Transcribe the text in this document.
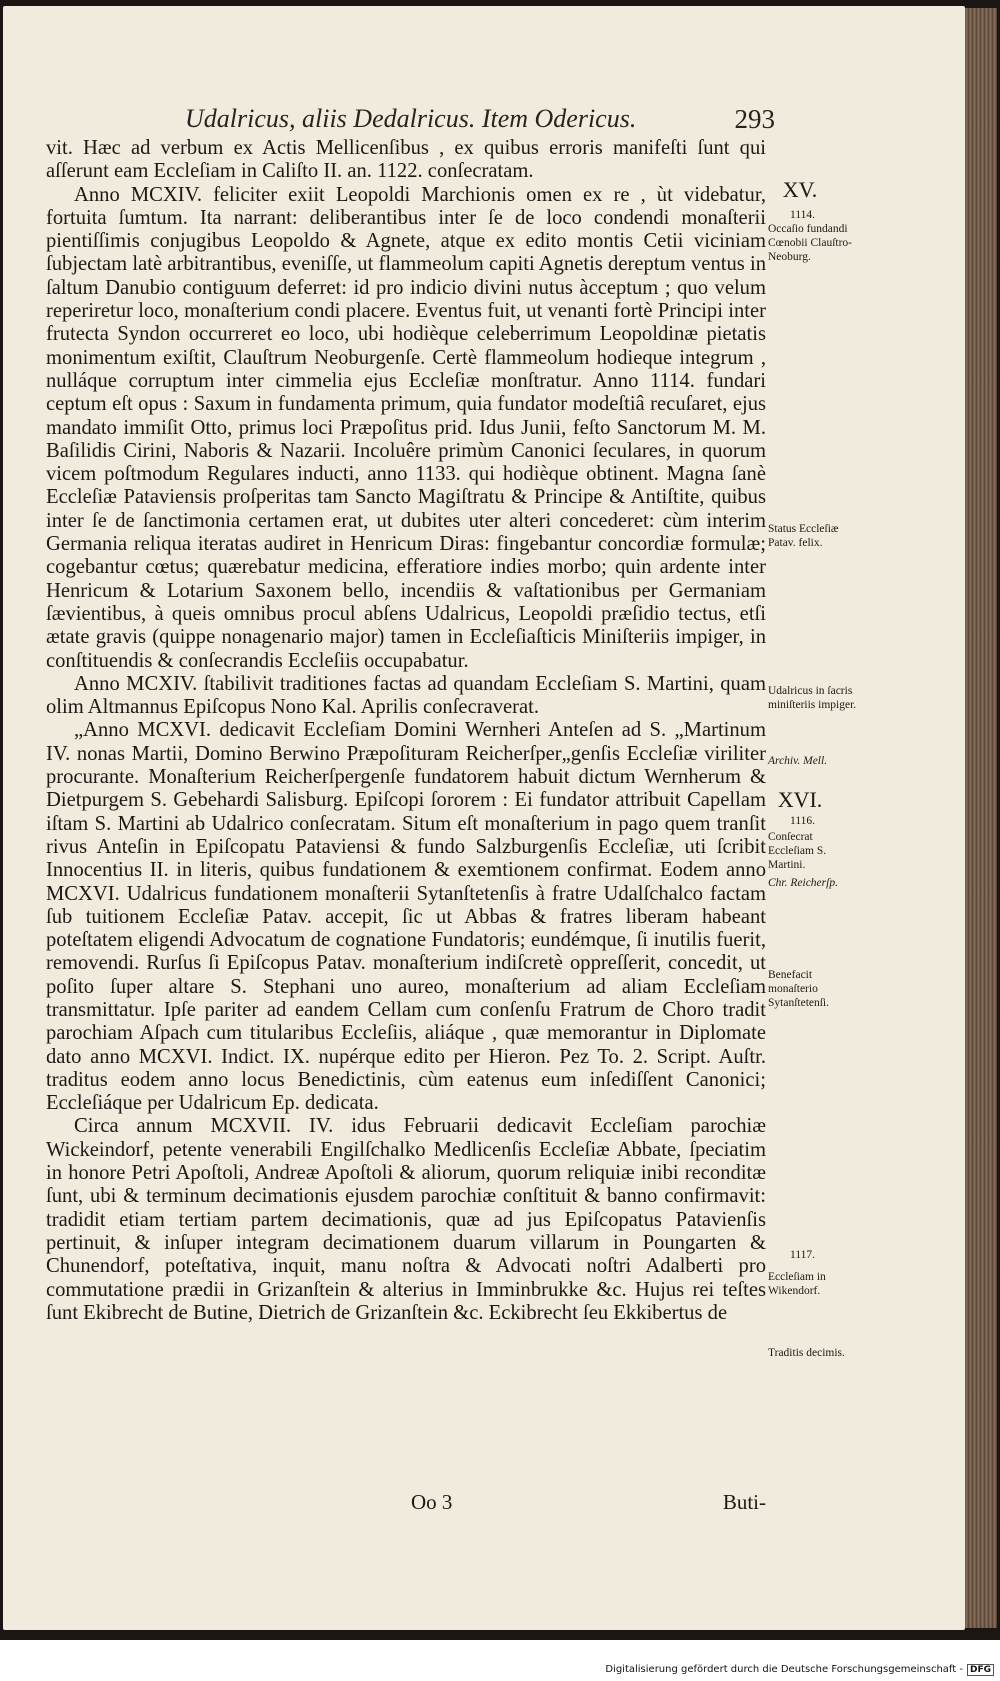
Udalricus, aliis Dedalricus. Item Odericus.	293

vit. Hæc ad verbum ex Actis Mellicenſibus , ex quibus erroris manifeſti ſunt qui aſſerunt eam Eccleſiam in Caliſto II. an. 1122. conſecratam.

Anno MCXIV. feliciter exiit Leopoldi Marchionis omen ex re , ùt videbatur, fortuita ſumtum. Ita narrant: deliberantibus inter ſe de loco condendi monaſterii pientiſſimis conjugibus Leopoldo & Agnete, atque ex edito montis Cetii viciniam ſubjectam latè arbitrantibus, eveniſſe, ut flammeolum capiti Agnetis dereptum ventus in ſaltum Danubio contiguum deferret: id pro indicio divini nutus àcceptum ; quo velum reperiretur loco, monaſterium condi placere. Eventus fuit, ut venanti fortè Principi inter frutecta Syndon occurreret eo loco, ubi hodièque celeberrimum Leopoldinæ pietatis monimentum exiſtit, Clauſtrum Neoburgenſe. Certè flammeolum hodieque integrum , nulláque corruptum inter cimmelia ejus Eccleſiæ monſtratur. Anno 1114. fundari ceptum eſt opus : Saxum in fundamenta primum, quia fundator modeſtiâ recuſaret, ejus mandato immiſit Otto, primus loci Præpoſitus prid. Idus Junii, feſto Sanctorum M. M. Baſilidis Cirini, Naboris & Nazarii. Incoluêre primùm Canonici ſeculares, in quorum vicem poſtmodum Regulares inducti, anno 1133. qui hodièque obtinent. Magna ſanè Eccleſiæ Pataviensis proſperitas tam Sancto Magiſtratu & Principe & Antiſtite, quibus inter ſe de ſanctimonia certamen erat, ut dubites uter alteri concederet: cùm interim Germania reliqua iteratas audiret in Henricum Diras: fingebantur concordiæ formulæ; cogebantur cœtus; quærebatur medicina, efferatiore indies morbo; quin ardente inter Henricum & Lotarium Saxonem bello, incendiis & vaſtationibus per Germaniam ſævientibus, à queis omnibus procul abſens Udalricus, Leopoldi præſidio tectus, etſi ætate gravis (quippe nonagenario major) tamen in Eccleſiaſticis Miniſteriis impiger, in conſtituendis & conſecrandis Eccleſiis occupabatur.

Anno MCXIV. ſtabilivit traditiones factas ad quandam Eccleſiam S. Martini, quam olim Altmannus Epiſcopus Nono Kal. Aprilis conſecraverat.

„Anno MCXVI. dedicavit Eccleſiam Domini Wernheri Anteſen ad S. „Martinum IV. nonas Martii, Domino Berwino Præpoſituram Reicherſper„genſis Eccleſiæ viriliter procurante. Monaſterium Reicherſpergenſe fundatorem habuit dictum Wernherum & Dietpurgem S. Gebehardi Salisburg. Epiſcopi ſororem : Ei fundator attribuit Capellam iſtam S. Martini ab Udalrico conſecratam. Situm eſt monaſterium in pago quem tranſit rivus Anteſin in Epiſcopatu Pataviensi & fundo Salzburgenſis Eccleſiæ, uti ſcribit Innocentius II. in literis, quibus fundationem & exemtionem confirmat. Eodem anno MCXVI. Udalricus fundationem monaſterii Sytanſtetenſis à fratre Udalſchalco factam ſub tuitionem Eccleſiæ Patav. accepit, ſic ut Abbas & fratres liberam habeant poteſtatem eligendi Advocatum de cognatione Fundatoris; eundémque, ſi inutilis fuerit, removendi. Rurſus ſi Epiſcopus Patav. monaſterium indiſcretè oppreſſerit, concedit, ut poſito ſuper altare S. Stephani uno aureo, monaſterium ad aliam Eccleſiam transmittatur. Ipſe pariter ad eandem Cellam cum conſenſu Fratrum de Choro tradit parochiam Aſpach cum titularibus Eccleſiis, aliáque , quæ memorantur in Diplomate dato anno MCXVI. Indict. IX. nupérque edito per Hieron. Pez To. 2. Script. Auſtr. traditus eodem anno locus Benedictinis, cùm eatenus eum inſediſſent Canonici; Eccleſiáque per Udalricum Ep. dedicata.

Circa annum MCXVII. IV. idus Februarii dedicavit Eccleſiam parochiæ Wickeindorf, petente venerabili Engilſchalko Medlicenſis Eccleſiæ Abbate, ſpeciatim in honore Petri Apoſtoli, Andreæ Apoſtoli & aliorum, quorum reliquiæ inibi reconditæ ſunt, ubi & terminum decimationis ejusdem parochiæ conſtituit & banno confirmavit: tradidit etiam tertiam partem decimationis, quæ ad jus Epiſcopatus Patavienſis pertinuit, & inſuper integram decimationem duarum villarum in Poungarten & Chunendorf, poteſtativa, inquit, manu noſtra & Advocati noſtri Adalberti pro commutatione prædii in Grizanſtein & alterius in Imminbrukke &c. Hujus rei teſtes ſunt Ekibrecht de Butine, Dietrich de Grizanſtein &c. Eckibrecht ſeu Ekkibertus de

XV.
1114.
Occaſio fundandi Cœnobii Clauſtro-Neoburg.
Status Eccleſiæ Patav. felix.
Udalricus in ſacris miniſteriis impiger.
Archiv. Mell.
XVI.
1116.
Conſecrat Eccleſiam S. Martini.
Chr. Reicherſp.
Benefacit monaſterio Sytanſtetenſi.
1117.
Eccleſiam in Wikendorf.
Traditis decimis.
Oo 3	Buti-
Digitalisierung gefördert durch die Deutsche Forschungsgemeinschaft - DFG
